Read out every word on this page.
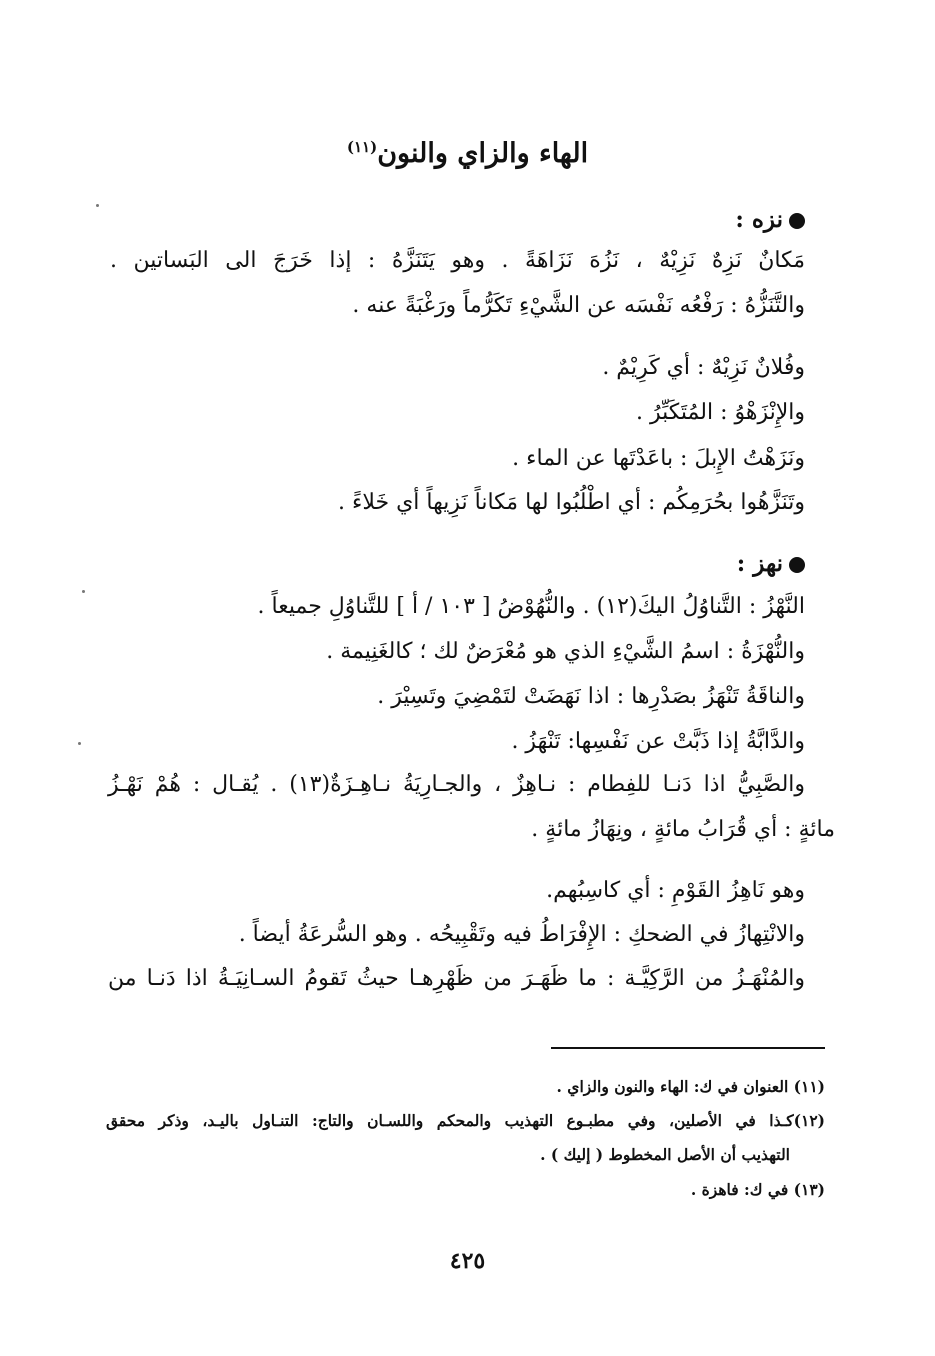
الهاء والزاي والنون$^{(١١)}$
نزه :
مَكانٌ نَزِهٌ نَزِيْهٌ ، نَزُهَ نَزَاهَةً . وهو يَتَنَزَّهُ : إذا خَرَجَ الى البَساتين .
والتَّنَزُّهُ : رَفْعُه نَفْسَه عن الشَّيْءِ تَكَرُّماً ورَغْبَةً عنه .
وفُلانٌ نَزِيْهٌ : أي كَرِيْمٌ .
والإِنْزَهْوُ : المُتَكَبِّرُ .
ونَزَهْتُ الإِبلَ : باعَدْتَها عن الماء .
وتَنَزَّهُوا بحُرَمِكُم : أي اطْلُبُوا لها مَكاناً نَزِيهاً أي خَلاءً .
نهز :
النَّهْزُ : التَّناوُلُ اليكَ(١٢) . والنُّهُوْضُ [ ١٠٣ / أ ] للتَّناوُلِ جميعاً .
والنُّهْزَةُ : اسمُ الشَّيْءِ الذي هو مُعْرَضٌ لك ؛ كالغَنِيمة .
والناقَةُ تَنْهَزُ بصَدْرِها : اذا نَهَضَتْ لتَمْضِيَ وتَسِيْرَ .
والدَّابَّةُ إذا ذَبَّتْ عن نَفْسِها: تَنْهَزُ .
والصَّبِيُّ اذا دَنـا للفِطام : نـاهِزٌ ، والجـارِيَةُ نـاهِـزَةٌ(١٣) . يُقـال : هُمْ نَهْـزُ
مائةٍ : أي قُرَابُ مائةٍ ، ونِهَازُ مائةٍ .
وهو نَاهِزُ القَوْمِ : أي كاسِبُهم.
والانْتِهازُ في الضحكِ : الإِفْرَاطُ فيه وتَقْبِيحُه . وهو السُّرعَةُ أيضاً .
والمُنْهَـزُ من الرَّكِيَّـة : ما ظَهَـرَ من ظَهْرِهـا حيثُ تَقومُ السـانِيَـةُ اذا دَنـا من
(١١) العنوان في ك: الهاء والنون والزاي .
(١٢)كـذا في الأصلين، وفي مطبـوع التهذيب والمحكم واللسـان والتاج: التنـاول باليـد، وذكر محقق
التهذيب أن الأصل المخطوط ( إليك ) .
(١٣) في ك: فاهزة .
٤٢٥
